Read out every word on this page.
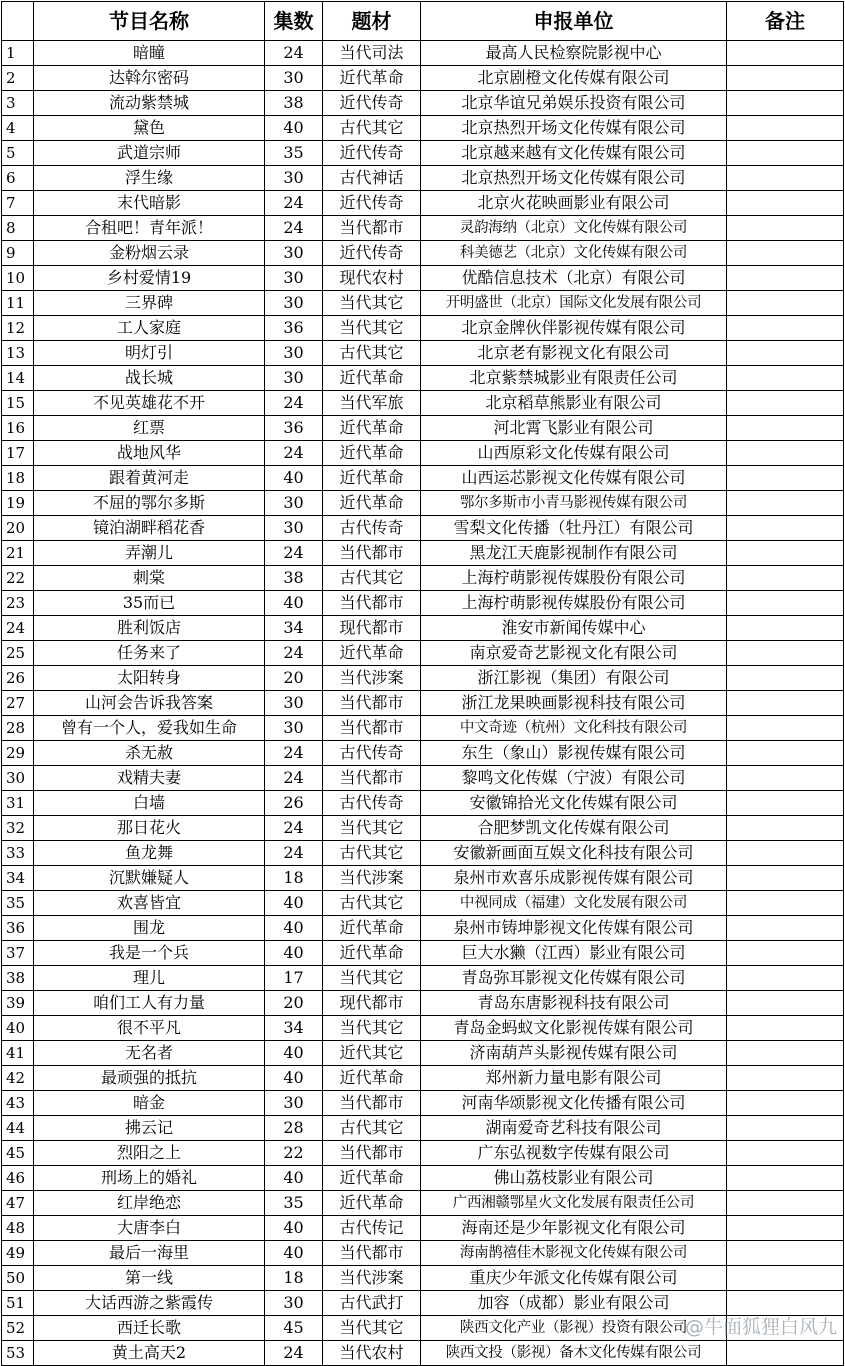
	节目名称	集数	题材	申报单位	备注
1	暗瞳	24	当代司法	最高人民检察院影视中心	
2	达斡尔密码	30	近代革命	北京剧橙文化传媒有限公司	
3	流动紫禁城	38	近代传奇	北京华谊兄弟娱乐投资有限公司	
4	黛色	40	古代其它	北京热烈开场文化传媒有限公司	
5	武道宗师	35	近代传奇	北京越来越有文化传媒有限公司	
6	浮生缘	30	古代神话	北京热烈开场文化传媒有限公司	
7	末代暗影	24	近代传奇	北京火花映画影业有限公司	
8	合租吧！青年派！	24	当代都市	灵韵海纳（北京）文化传媒有限公司	
9	金粉烟云录	30	近代传奇	科美德艺（北京）文化传媒有限公司	
10	乡村爱情19	30	现代农村	优酷信息技术（北京）有限公司	
11	三界碑	30	当代其它	开明盛世（北京）国际文化发展有限公司	
12	工人家庭	36	当代其它	北京金牌伙伴影视传媒有限公司	
13	明灯引	30	古代其它	北京老有影视文化有限公司	
14	战长城	30	近代革命	北京紫禁城影业有限责任公司	
15	不见英雄花不开	24	当代军旅	北京稻草熊影业有限公司	
16	红票	36	近代革命	河北霄飞影业有限公司	
17	战地风华	24	近代革命	山西原彩文化传媒有限公司	
18	跟着黄河走	40	近代革命	山西运芯影视文化传媒有限公司	
19	不屈的鄂尔多斯	30	近代革命	鄂尔多斯市小青马影视传媒有限公司	
20	镜泊湖畔稻花香	30	古代传奇	雪梨文化传播（牡丹江）有限公司	
21	弄潮儿	24	当代都市	黑龙江天鹿影视制作有限公司	
22	刺棠	38	古代其它	上海柠萌影视传媒股份有限公司	
23	35而已	40	当代都市	上海柠萌影视传媒股份有限公司	
24	胜利饭店	34	现代都市	淮安市新闻传媒中心	
25	任务来了	24	近代革命	南京爱奇艺影视文化有限公司	
26	太阳转身	20	当代涉案	浙江影视（集团）有限公司	
27	山河会告诉我答案	30	当代都市	浙江龙果映画影视科技有限公司	
28	曾有一个人，爱我如生命	30	当代都市	中文奇迹（杭州）文化科技有限公司	
29	杀无赦	24	古代传奇	东生（象山）影视传媒有限公司	
30	戏精夫妻	24	当代都市	黎鸣文化传媒（宁波）有限公司	
31	白墙	26	古代传奇	安徽锦拾光文化传媒有限公司	
32	那日花火	24	当代其它	合肥梦凯文化传媒有限公司	
33	鱼龙舞	24	古代其它	安徽新画面互娱文化科技有限公司	
34	沉默嫌疑人	18	当代涉案	泉州市欢喜乐成影视传媒有限公司	
35	欢喜皆宜	40	古代其它	中视同成（福建）文化发展有限公司	
36	围龙	40	近代革命	泉州市铸坤影视文化传媒有限公司	
37	我是一个兵	40	近代革命	巨大水獭（江西）影业有限公司	
38	理儿	17	当代其它	青岛弥耳影视文化传媒有限公司	
39	咱们工人有力量	20	现代都市	青岛东唐影视科技有限公司	
40	很不平凡	34	当代其它	青岛金蚂蚁文化影视传媒有限公司	
41	无名者	40	近代其它	济南葫芦头影视传媒有限公司	
42	最顽强的抵抗	40	近代革命	郑州新力量电影有限公司	
43	暗金	30	当代都市	河南华颂影视文化传播有限公司	
44	拂云记	28	古代其它	湖南爱奇艺科技有限公司	
45	烈阳之上	22	当代都市	广东弘视数字传媒有限公司	
46	刑场上的婚礼	40	近代革命	佛山荔枝影业有限公司	
47	红岸绝恋	35	近代革命	广西湘赣鄂星火文化发展有限责任公司	
48	大唐李白	40	古代传记	海南还是少年影视文化有限公司	
49	最后一海里	40	当代都市	海南鹊禧佳木影视文化传媒有限公司	
50	第一线	18	当代涉案	重庆少年派文化传媒有限公司	
51	大话西游之紫霞传	30	古代武打	加容（成都）影业有限公司	
52	西迁长歌	45	当代其它	陕西文化产业（影视）投资有限公司	
53	黄土高天2	24	当代农村	陕西文投（影视）备木文化传媒有限公司	
@牛面狐狸白风九
